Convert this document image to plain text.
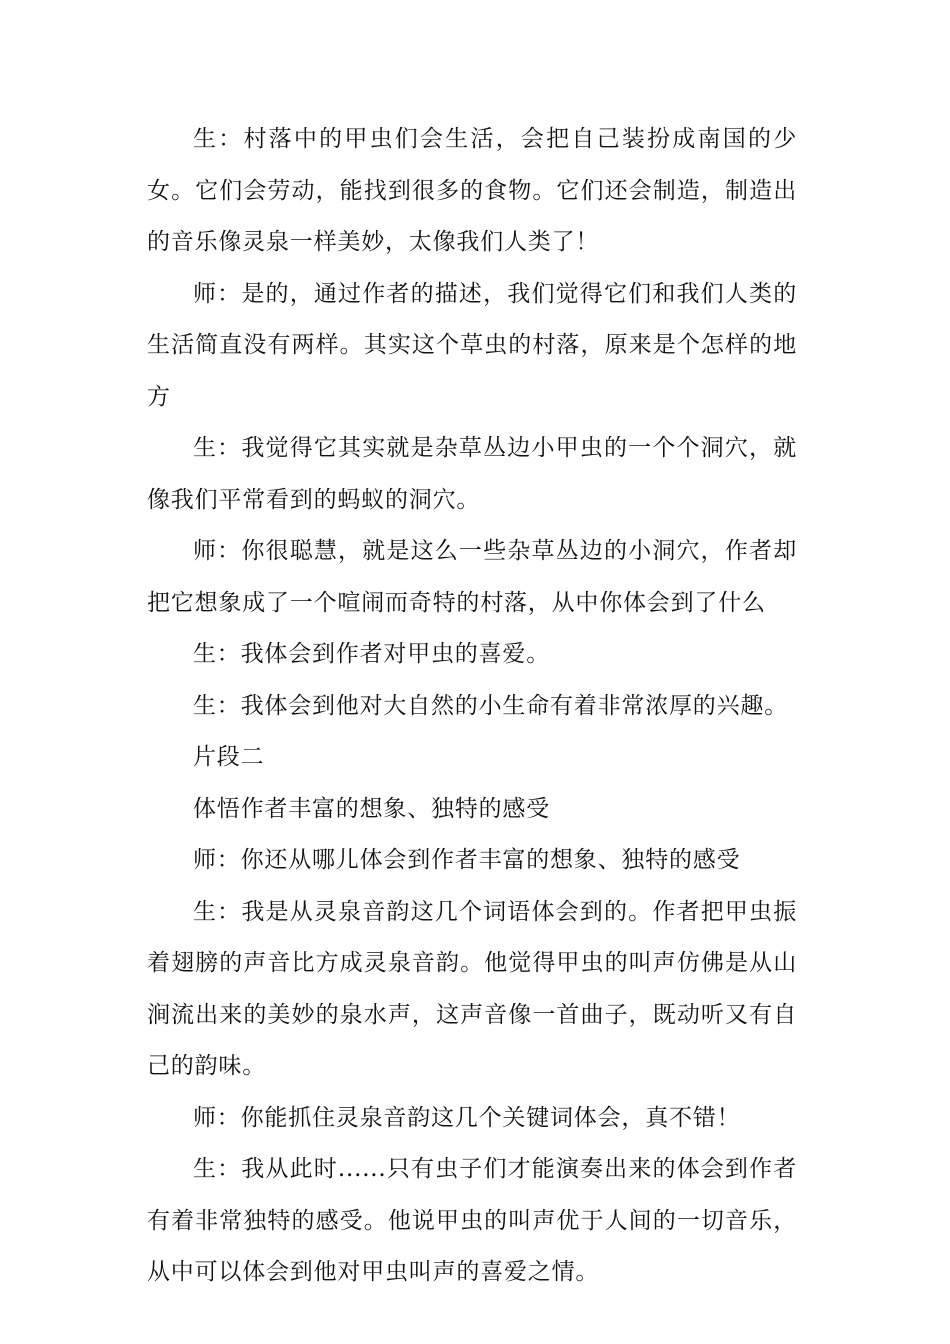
生：村落中的甲虫们会生活，会把自己装扮成南国的少女。它们会劳动，能找到很多的食物。它们还会制造，制造出的音乐像灵泉一样美妙，太像我们人类了！

师：是的，通过作者的描述，我们觉得它们和我们人类的生活简直没有两样。其实这个草虫的村落，原来是个怎样的地方

生：我觉得它其实就是杂草丛边小甲虫的一个个洞穴，就像我们平常看到的蚂蚁的洞穴。

师：你很聪慧，就是这么一些杂草丛边的小洞穴，作者却把它想象成了一个喧闹而奇特的村落，从中你体会到了什么

生：我体会到作者对甲虫的喜爱。

生：我体会到他对大自然的小生命有着非常浓厚的兴趣。

片段二

体悟作者丰富的想象、独特的感受

师：你还从哪儿体会到作者丰富的想象、独特的感受

生：我是从灵泉音韵这几个词语体会到的。作者把甲虫振着翅膀的声音比方成灵泉音韵。他觉得甲虫的叫声仿佛是从山涧流出来的美妙的泉水声，这声音像一首曲子，既动听又有自己的韵味。

师：你能抓住灵泉音韵这几个关键词体会，真不错！

生：我从此时......只有虫子们才能演奏出来的体会到作者有着非常独特的感受。他说甲虫的叫声优于人间的一切音乐，从中可以体会到他对甲虫叫声的喜爱之情。
